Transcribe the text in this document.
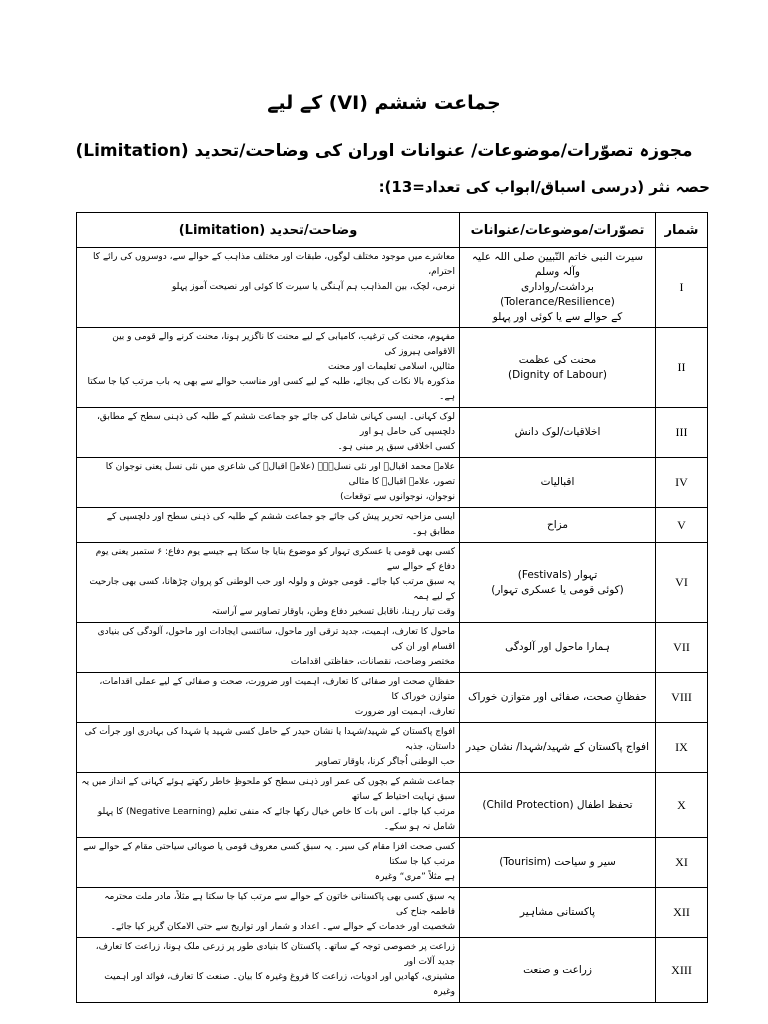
جماعت ششم (VI) کے لیے
مجوزہ تصوّرات/موضوعات/ عنوانات اوران کی وضاحت/تحدید (Limitation)
حصہ نثر (درسی اسباق/ابواب کی تعداد=13):
وضاحت/تحدید (Limitation)	تصوّرات/موضوعات/عنوانات	شمار

معاشرے میں موجود مختلف لوگوں، طبقات اور مختلف مذاہب کے حوالے سے، دوسروں کی رائے کا احترام،
نرمی، لچک، بین المذاہب ہم آہنگی یا سیرت کا کوئی اور نصیحت آموز پہلو	سیرت النبی خاتم النّبیین صلی اللہ علیہ وآلہ وسلم
برداشت/رواداری (Tolerance/Resilience)
کے حوالے سے یا کوئی اور پہلو	I

مفہوم، محنت کی ترغیب، کامیابی کے لیے محنت کا ناگزیر ہونا، محنت کرنے والے قومی و بین الاقوامی ہیروز کی
مثالیں، اسلامی تعلیمات اور محنت
مذکورہ بالا نکات کی بجائے، طلبہ کے لیے کسی اور مناسب حوالے سے بھی یہ باب مرتب کیا جا سکتا ہے۔	محنت کی عظمت
(Dignity of Labour)	II

لوک کہانی۔ ایسی کہانی شامل کی جائے جو جماعت ششم کے طلبہ کی ذہنی سطح کے مطابق، دلچسپی کی حامل ہو اور
کسی اخلاقی سبق پر مبنی ہو۔	اخلاقیات/لوک دانش	III

علامہ محمد اقبالؒ اور نئی نسل۔۔۔ (علامہ اقبالؒ کی شاعری میں نئی نسل یعنی نوجوان کا تصور، علامہ اقبالؒ کا مثالی
نوجوان، نوجوانوں سے توقعات)	اقبالیات	IV

ایسی مزاحیہ تحریر پیش کی جائے جو جماعت ششم کے طلبہ کی ذہنی سطح اور دلچسپی کے مطابق ہو۔	مزاح	V

کسی بھی قومی یا عسکری تہوار کو موضوع بنایا جا سکتا ہے جیسے یوم دفاع: ۶ ستمبر یعنی یوم دفاع کے حوالے سے
یہ سبق مرتب کیا جائے۔ قومی جوش و ولولہ اور حب الوطنی کو پروان چڑھانا، کسی بھی جارحیت کے لیے ہمہ
وقت تیار رہنا، ناقابل تسخیر دفاع وطن، باوقار تصاویر سے آراستہ	تہوار (Festivals)
(کوئی قومی یا عسکری تہوار)	VI

ماحول کا تعارف، اہمیت، جدید ترقی اور ماحول، سائنسی ایجادات اور ماحول، آلودگی کی بنیادی اقسام اور ان کی
مختصر وضاحت، نقصانات، حفاظتی اقدامات	ہمارا ماحول اور آلودگی	VII

حفظانِ صحت اور صفائی کا تعارف، اہمیت اور ضرورت، صحت و صفائی کے لیے عملی اقدامات، متوازن خوراک کا
تعارف، اہمیت اور ضرورت	حفظانِ صحت، صفائی اور متوازن خوراک	VIII

افواج پاکستان کے شہید/شہدا یا نشان حیدر کے حامل کسی شہید یا شہدا کی بہادری اور جرأت کی داستان، جذبہ
حب الوطنی اُجاگر کرنا، باوقار تصاویر	افواج پاکستان کے شہید/شہدا/ نشان حیدر	IX

جماعت ششم کے بچوں کی عمر اور ذہنی سطح کو ملحوظِ خاطر رکھتے ہوئے کہانی کے انداز میں یہ سبق نہایت احتیاط کے ساتھ
مرتب کیا جائے۔ اس بات کا خاص خیال رکھا جائے کہ منفی تعلیم (Negative Learning) کا پہلو شامل نہ ہو سکے۔	تحفظ اطفال (Child Protection)	X

کسی صحت افزا مقام کی سیر۔ یہ سبق کسی معروف قومی یا صوبائی سیاحتی مقام کے حوالے سے مرتب کیا جا سکتا
ہے مثلاً ”مری“ وغیرہ	سیر و سیاحت (Tourisim)	XI

یہ سبق کسی بھی پاکستانی خاتون کے حوالے سے مرتب کیا جا سکتا ہے مثلاً، مادر ملت محترمہ فاطمہ جناح کی
شخصیت اور خدمات کے حوالے سے۔ اعداد و شمار اور تواریخ سے حتی الامکان گریز کیا جائے۔	پاکستانی مشاہیر	XII

زراعت پر خصوصی توجہ کے ساتھ۔ پاکستان کا بنیادی طور پر زرعی ملک ہونا، زراعت کا تعارف، جدید آلات اور
مشینری، کھادیں اور ادویات، زراعت کا فروغ وغیرہ کا بیان۔ صنعت کا تعارف، فوائد اور اہمیت وغیرہ	زراعت و صنعت	XIII
